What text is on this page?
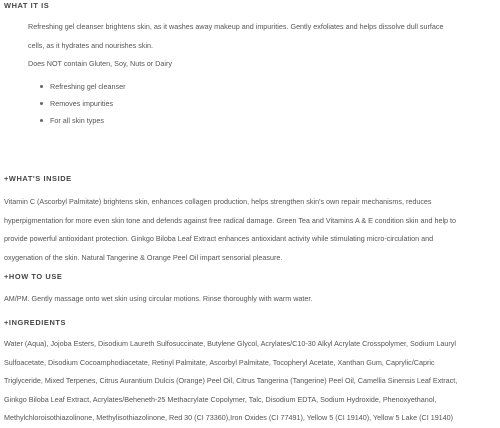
WHAT IT IS
Refreshing gel cleanser brightens skin, as it washes away makeup and impurities. Gently exfoliates and helps dissolve dull surface
cells, as it hydrates and nourishes skin.
Does NOT contain Gluten, Soy, Nuts or Dairy
Refreshing gel cleanser
Removes impurities
For all skin types
+WHAT'S INSIDE
Vitamin C (Ascorbyl Palmitate) brightens skin, enhances collagen production, helps strengthen skin's own repair mechanisms, reduces
hyperpigmentation for more even skin tone and defends against free radical damage. Green Tea and Vitamins A & E condition skin and help to
provide powerful antioxidant protection. Ginkgo Biloba Leaf Extract enhances antioxidant activity while stimulating micro-circulation and
oxygenation of the skin. Natural Tangerine & Orange Peel Oil impart sensorial pleasure.
+HOW TO USE
AM/PM. Gently massage onto wet skin using circular motions. Rinse thoroughly with warm water.
+INGREDIENTS
Water (Aqua), Jojoba Esters, Disodium Laureth Sulfosuccinate, Butylene Glycol, Acrylates/C10-30 Alkyl Acrylate Crosspolymer, Sodium Lauryl
Sulfoacetate, Disodium Cocoamphodiacetate, Retinyl Palmitate, Ascorbyl Palmitate, Tocopheryl Acetate, Xanthan Gum, Caprylic/Capric
Triglyceride, Mixed Terpenes, Citrus Aurantium Dulcis (Orange) Peel Oil, Citrus Tangerina (Tangerine) Peel Oil, Camellia Sinensis Leaf Extract,
Ginkgo Biloba Leaf Extract, Acrylates/Beheneth-25 Methacrylate Copolymer, Talc, Disodium EDTA, Sodium Hydroxide, Phenoxyethanol,
Methylchloroisothiazolinone, Methylisothiazolinone, Red 30 (CI 73360),Iron Oxides (CI 77491), Yellow 5 (CI 19140), Yellow 5 Lake (CI 19140)
